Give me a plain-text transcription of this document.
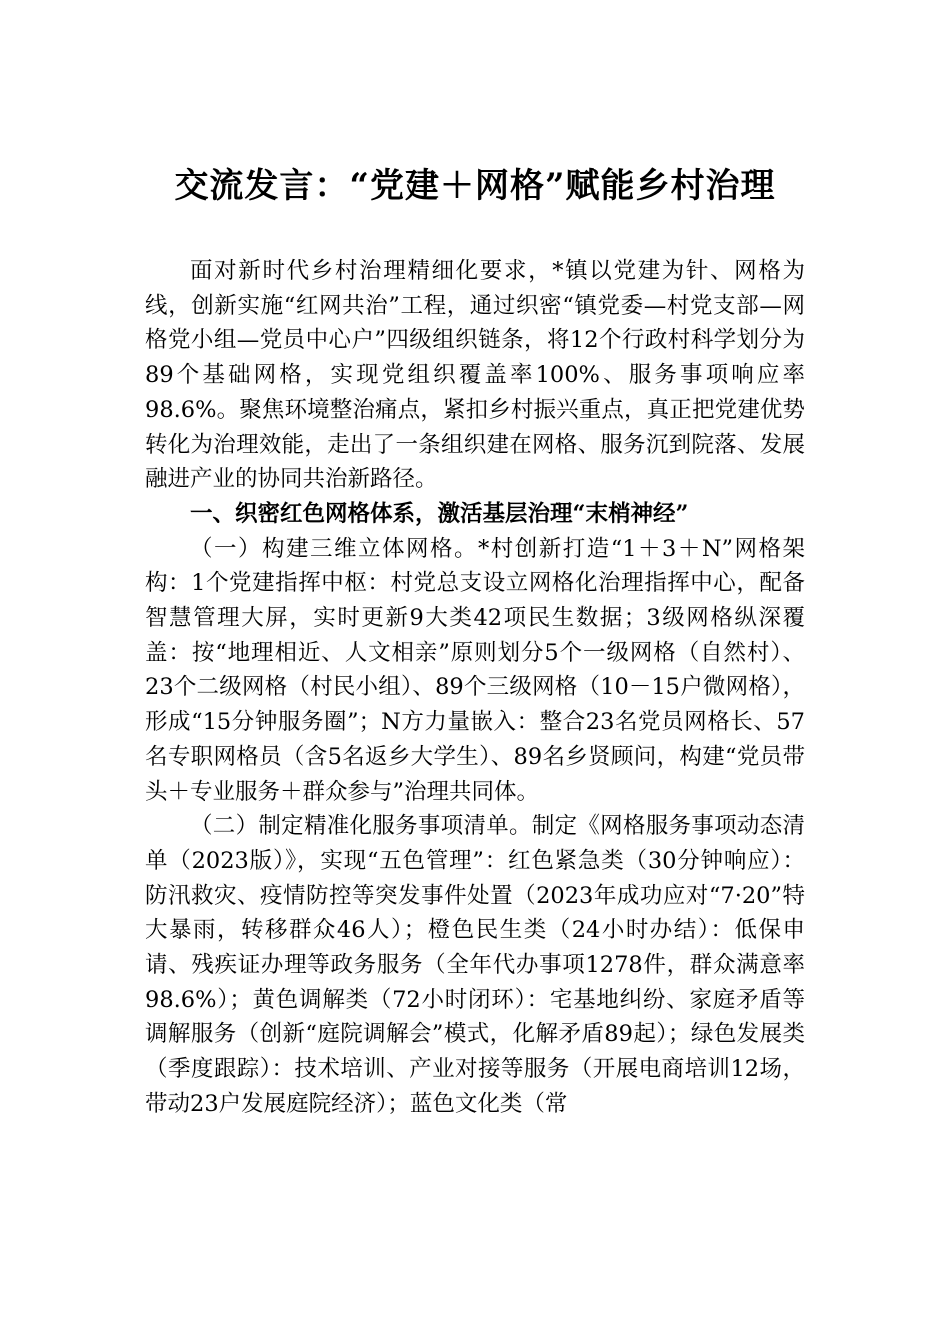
交流发言：“党建＋网格”赋能乡村治理

面对新时代乡村治理精细化要求，*镇以党建为针、网格为线，创新实施“红网共治”工程，通过织密“镇党委—村党支部—网格党小组—党员中心户”四级组织链条，将12个行政村科学划分为89个基础网格，实现党组织覆盖率100%、服务事项响应率98.6%。聚焦环境整治痛点，紧扣乡村振兴重点，真正把党建优势转化为治理效能，走出了一条组织建在网格、服务沉到院落、发展融进产业的协同共治新路径。

一、织密红色网格体系，激活基层治理“末梢神经”

（一）构建三维立体网格。*村创新打造“1＋3＋N”网格架构：1个党建指挥中枢：村党总支设立网格化治理指挥中心，配备智慧管理大屏，实时更新9大类42项民生数据；3级网格纵深覆盖：按“地理相近、人文相亲”原则划分5个一级网格（自然村）、23个二级网格（村民小组）、89个三级网格（10－15户微网格），形成“15分钟服务圈”；N方力量嵌入：整合23名党员网格长、57名专职网格员（含5名返乡大学生）、89名乡贤顾问，构建“党员带头＋专业服务＋群众参与”治理共同体。

（二）制定精准化服务事项清单。制定《网格服务事项动态清单（2023版）》，实现“五色管理”：红色紧急类（30分钟响应）：防汛救灾、疫情防控等突发事件处置（2023年成功应对“7·20”特大暴雨，转移群众46人）；橙色民生类（24小时办结）：低保申请、残疾证办理等政务服务（全年代办事项1278件，群众满意率98.6%）；黄色调解类（72小时闭环）：宅基地纠纷、家庭矛盾等调解服务（创新“庭院调解会”模式，化解矛盾89起）；绿色发展类（季度跟踪）：技术培训、产业对接等服务（开展电商培训12场，带动23户发展庭院经济）；蓝色文化类（常
